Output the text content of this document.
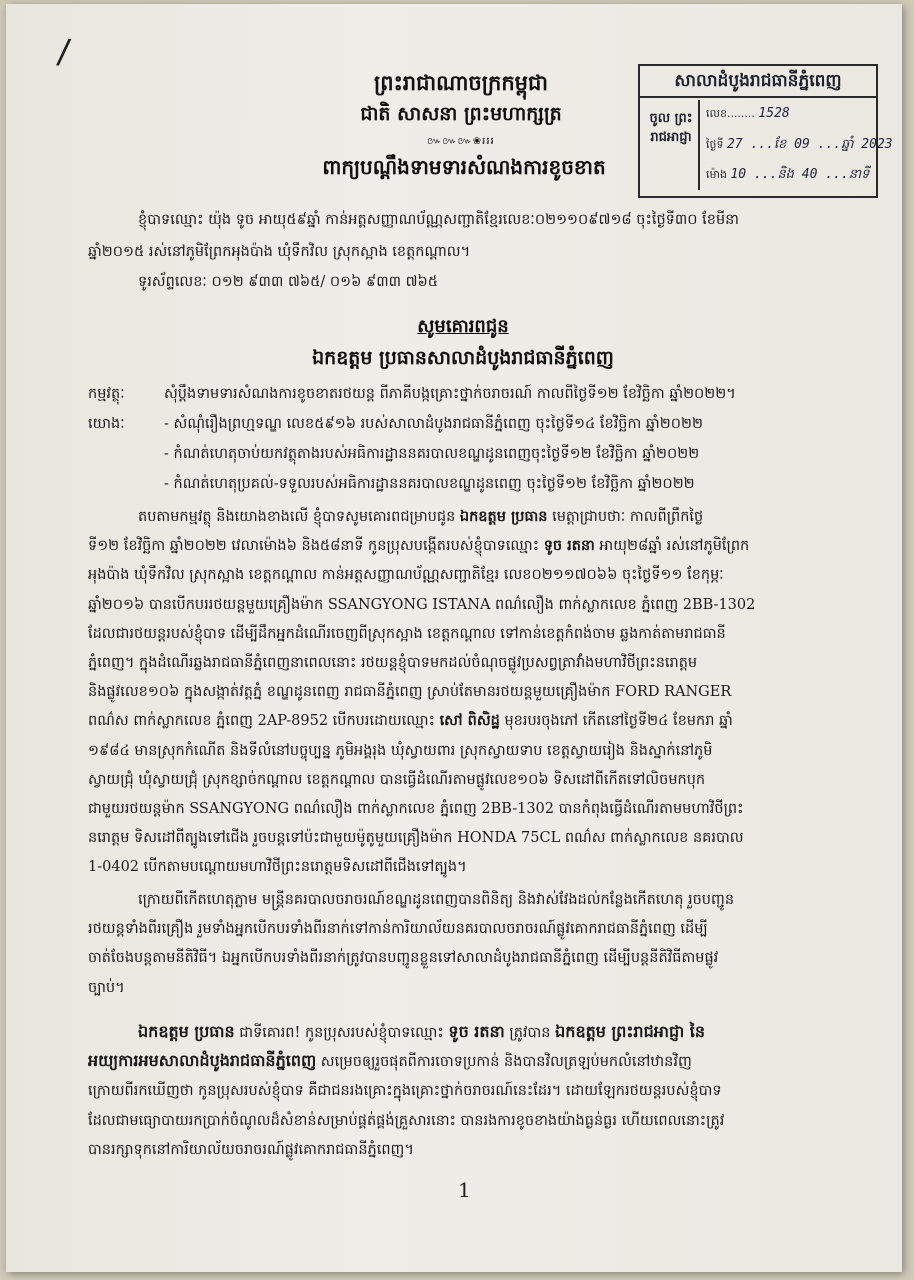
/
ព្រះរាជាណាចក្រកម្ពុជា
ជាតិ សាសនា ព្រះមហាក្សត្រ
៚៚៚❀៛៛៛
ពាក្យបណ្ដឹងទាមទារសំណងការខូចខាត
សាលាដំបូងរាជធានីភ្នំពេញ
ចូល ព្រះរាជអាជ្ញា
លេខ........ 1528
ថ្ងៃទី 27 ...ខែ 09 ...ឆ្នាំ 2023
ម៉ោង 10 ...និង 40 ...នាទី
ខ្ញុំបាទឈ្មោះ យ៉ុង ទូច អាយុ៥៩ឆ្នាំ កាន់អត្តសញ្ញាណប័ណ្ណសញ្ជាតិខ្មែរលេខៈ០២១១០៩៧១៨ ចុះថ្ងៃទី៣០ ខែមីនា
ឆ្នាំ២០១៥ រស់នៅភូមិព្រែកអុងប៉ាង ឃុំទឹកវិល ស្រុកស្អាង ខេត្តកណ្ដាល។
ទូរស័ព្ទលេខៈ ០១២ ៩៣៣ ៧៦៥/ ០១៦ ៩៣៣ ៧៦៥
សូមគោរពជូន
ឯកឧត្ដម ប្រធានសាលាដំបូងរាជធានីភ្នំពេញ
កម្មវត្ថុៈ	សុំប្ដឹងទាមទារសំណងការខូចខាតរថយន្ត ពីភាគីបង្កគ្រោះថ្នាក់ចរាចរណ៍ កាលពីថ្ងៃទី១២ ខែវិច្ឆិកា ឆ្នាំ២០២២។
យោងៈ	- សំណុំរឿងព្រហ្មទណ្ឌ លេខ៥៩១៦ របស់សាលាដំបូងរាជធានីភ្នំពេញ ចុះថ្ងៃទី១៤ ខែវិច្ឆិកា ឆ្នាំ២០២២
- កំណត់ហេតុចាប់យកវត្ថុតាងរបស់អធិការដ្ឋាននគរបាលខណ្ឌដូនពេញចុះថ្ងៃទី១២ ខែវិច្ឆិកា ឆ្នាំ២០២២
- កំណត់ហេតុប្រគល់-ទទួលរបស់អធិការដ្ឋាននគរបាលខណ្ឌដូនពេញ ចុះថ្ងៃទី១២ ខែវិច្ឆិកា ឆ្នាំ២០២២
តបតាមកម្មវត្ថុ និងយោងខាងលើ ខ្ញុំបាទសូមគោរពជម្រាបជូន ឯកឧត្ដម ប្រធាន មេត្តាជ្រាបថាៈ កាលពីព្រឹកថ្ងៃ
ទី១២ ខែវិច្ឆិកា ឆ្នាំ២០២២ វេលាម៉ោង៦ និង៥៨នាទី កូនប្រុសបង្កើតរបស់ខ្ញុំបាទឈ្មោះ ទូច រតនា អាយុ២៨ឆ្នាំ រស់នៅភូមិព្រែក
អុងប៉ាង ឃុំទឹកវិល ស្រុកស្អាង ខេត្តកណ្ដាល កាន់អត្តសញ្ញាណប័ណ្ណសញ្ជាតិខ្មែរ លេខ០២១១៧០៦៦ ចុះថ្ងៃទី១១ ខែកុម្ភៈ
ឆ្នាំ២០១៦ បានបើកបររថយន្តមួយគ្រឿងម៉ាក SSANGYONG ISTANA ពណ៌លឿង ពាក់ស្លាកលេខ ភ្នំពេញ 2BB-1302
ដែលជារថយន្តរបស់ខ្ញុំបាទ ដើម្បីដឹកអ្នកដំណើរចេញពីស្រុកស្អាង ខេត្តកណ្ដាល ទៅកាន់ខេត្តកំពង់ចាម ឆ្លងកាត់តាមរាជធានី
ភ្នំពេញ។ ក្នុងដំណើរឆ្លងរាជធានីភ្នំពេញនាពេលនោះ រថយន្តខ្ញុំបាទមកដល់ចំណុចផ្លូវប្រសព្វត្រាវាំងមហាវិថីព្រះនរោត្តម
និងផ្លូវលេខ១០៦ ក្នុងសង្កាត់វត្តភ្នំ ខណ្ឌដូនពេញ រាជធានីភ្នំពេញ ស្រាប់តែមានរថយន្តមួយគ្រឿងម៉ាក FORD RANGER
ពណ៌ស ពាក់ស្លាកលេខ ភ្នំពេញ 2AP-8952 បើកបរដោយឈ្មោះ សៅ ពិសិដ្ឋ មុខរបរចុងភៅ កើតនៅថ្ងៃទី២៤ ខែមករា ឆ្នាំ
១៩៨៤ មានស្រុកកំណើត និងទីលំនៅបច្ចុប្បន្ន ភូមិអង្គរុង ឃុំស្វាយពារ ស្រុកស្វាយទាប ខេត្តស្វាយរៀង និងស្នាក់នៅភូមិ
ស្វាយជ្រុំ ឃុំស្វាយជ្រុំ ស្រុកខ្សាច់កណ្ដាល ខេត្តកណ្ដាល បានធ្វើដំណើរតាមផ្លូវលេខ១០៦ ទិសដៅពីកើតទៅលិចមកបុក
ជាមួយរថយន្តម៉ាក SSANGYONG ពណ៌លឿង ពាក់ស្លាកលេខ ភ្នំពេញ 2BB-1302 បានកំពុងធ្វើដំណើរតាមមហាវិថីព្រះ
នរោត្តម ទិសដៅពីត្បូងទៅជើង រួចបន្តទៅប៉ះជាមួយម៉ូតូមួយគ្រឿងម៉ាក HONDA 75CL ពណ៌ស ពាក់ស្លាកលេខ នគរបាល
1-0402 បើកតាមបណ្ដោយមហាវិថីព្រះនរោត្តមទិសដៅពីជើងទៅត្បូង។
ក្រោយពីកើតហេតុភ្លាម មន្ត្រីនគរបាលចរាចរណ៍ខណ្ឌដូនពេញបានពិនិត្យ និងវាស់វែងដល់កន្លែងកើតហេតុ រួចបញ្ជូន
រថយន្តទាំងពីរគ្រឿង រួមទាំងអ្នកបើកបរទាំងពីរនាក់ទៅកាន់ការិយាល័យនគរបាលចរាចរណ៍ផ្លូវគោករាជធានីភ្នំពេញ ដើម្បី
ចាត់ចែងបន្តតាមនីតិវិធី។ ឯអ្នកបើកបរទាំងពីរនាក់ត្រូវបានបញ្ជូនខ្លួនទៅសាលាដំបូងរាជធានីភ្នំពេញ ដើម្បីបន្តនីតិវិធីតាមផ្លូវ
ច្បាប់។
ឯកឧត្ដម ប្រធាន ជាទីគោរព! កូនប្រុសរបស់ខ្ញុំបាទឈ្មោះ ទូច រតនា ត្រូវបាន ឯកឧត្ដម ព្រះរាជអាជ្ញា នៃ
អយ្យការអមសាលាដំបូងរាជធានីភ្នំពេញ សម្រេចឲ្យរួចផុតពីការចោទប្រកាន់ និងបានវិលត្រឡប់មកលំនៅឋានវិញ
ក្រោយពីរកឃើញថា កូនប្រុសរបស់ខ្ញុំបាទ គឺជាជនរងគ្រោះក្នុងគ្រោះថ្នាក់ចរាចរណ៍នេះដែរ។ ដោយឡែករថយន្តរបស់ខ្ញុំបាទ
ដែលជាមធ្យោបាយរកប្រាក់ចំណូលដ៏សំខាន់សម្រាប់ផ្គត់ផ្គង់គ្រួសារនោះ បានរងការខូចខាងយ៉ាងធ្ងន់ធ្ងរ ហើយពេលនោះត្រូវ
បានរក្សាទុកនៅការិយាល័យចរាចរណ៍ផ្លូវគោករាជធានីភ្នំពេញ។
1
